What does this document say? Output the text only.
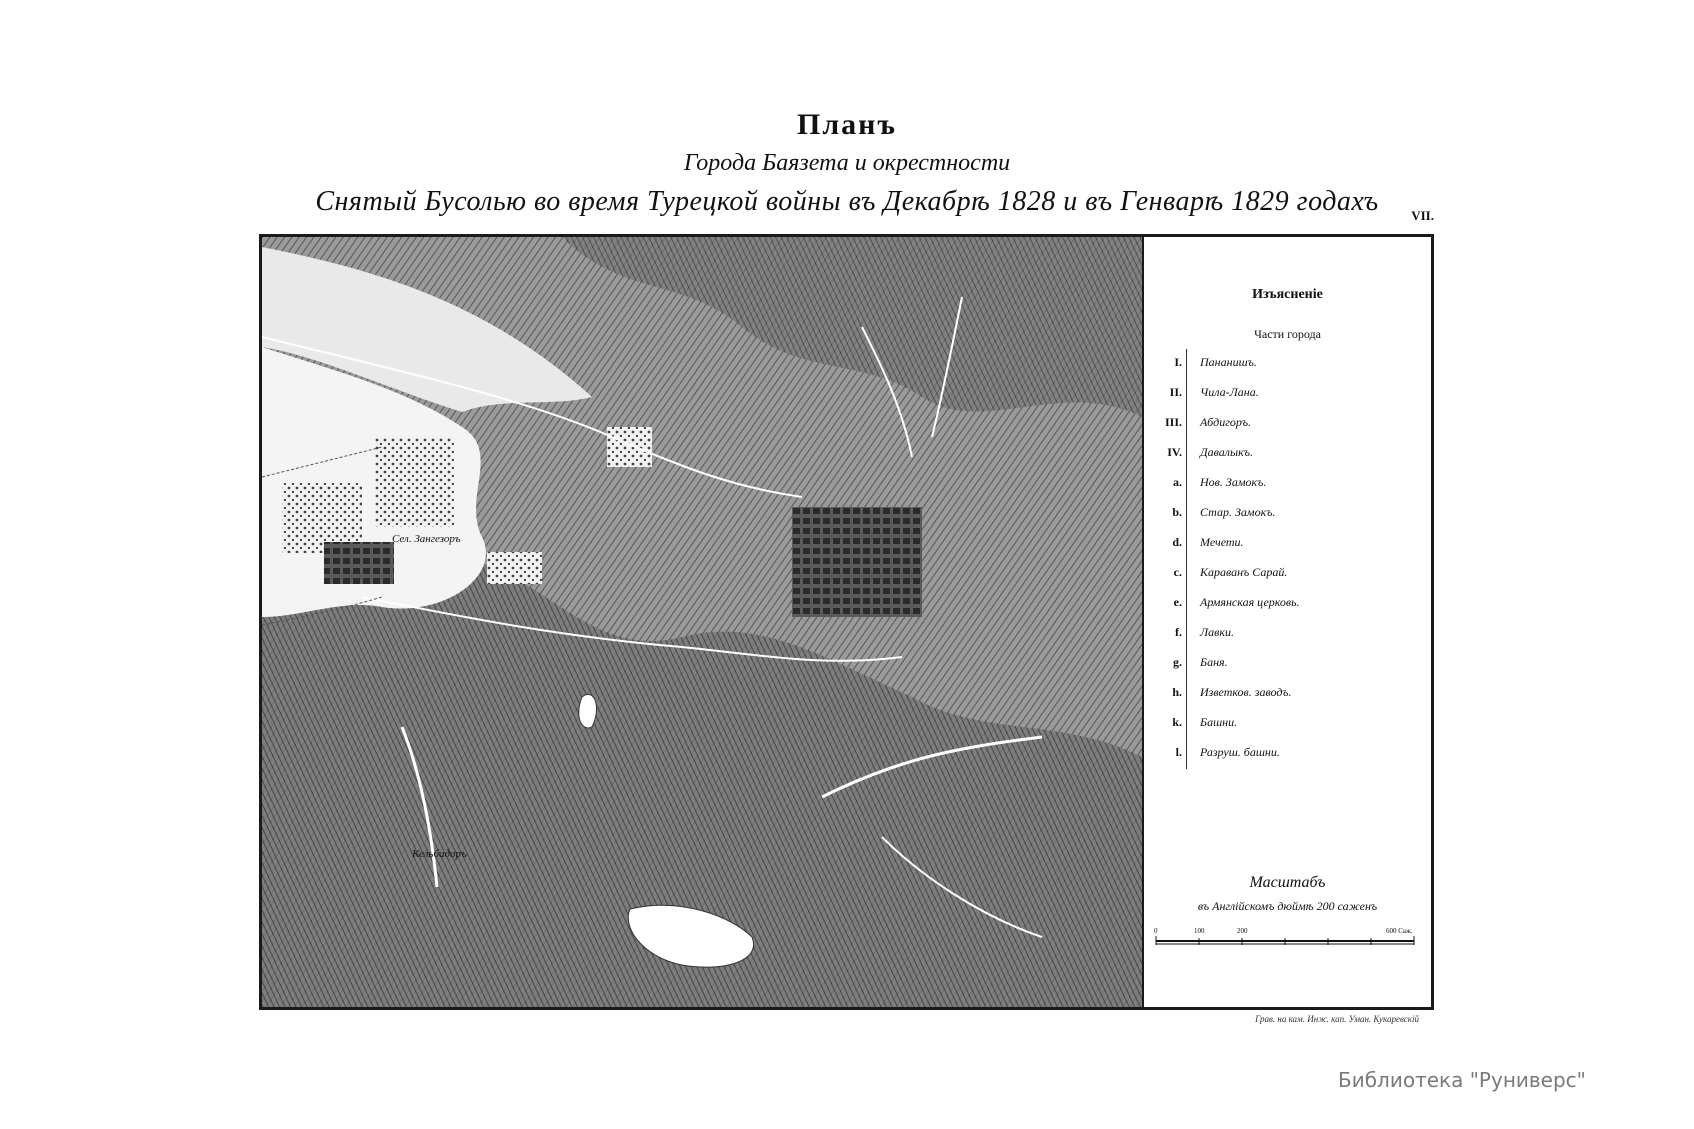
Планъ
Города Баязета и окрестности
Снятый Бусолью во время Турецкой войны въ Декабрѣ 1828 и въ Генварѣ 1829 годахъ	VII.
Сел. Зангезоръ
Кельбадоръ
Изъясненіе
Части города
I. Пананишъ.
II. Чила-Лана.
III. Абдигоръ.
IV. Давалыкъ.
a. Нов. Замокъ.
b. Стар. Замокъ.
d. Мечети.
c. Караванъ Сарай.
e. Армянская церковь.
f. Лавки.
g. Баня.
h. Изветков. заводъ.
k. Башни.
l. Разруш. башни.
Масштабъ
въ Англійскомъ дюймѣ 200 саженъ
0	100	200	600 Саж.
Грав. на кам. Инж. кап. Уман. Кукаревскій
Библиотека "Руниверс"
